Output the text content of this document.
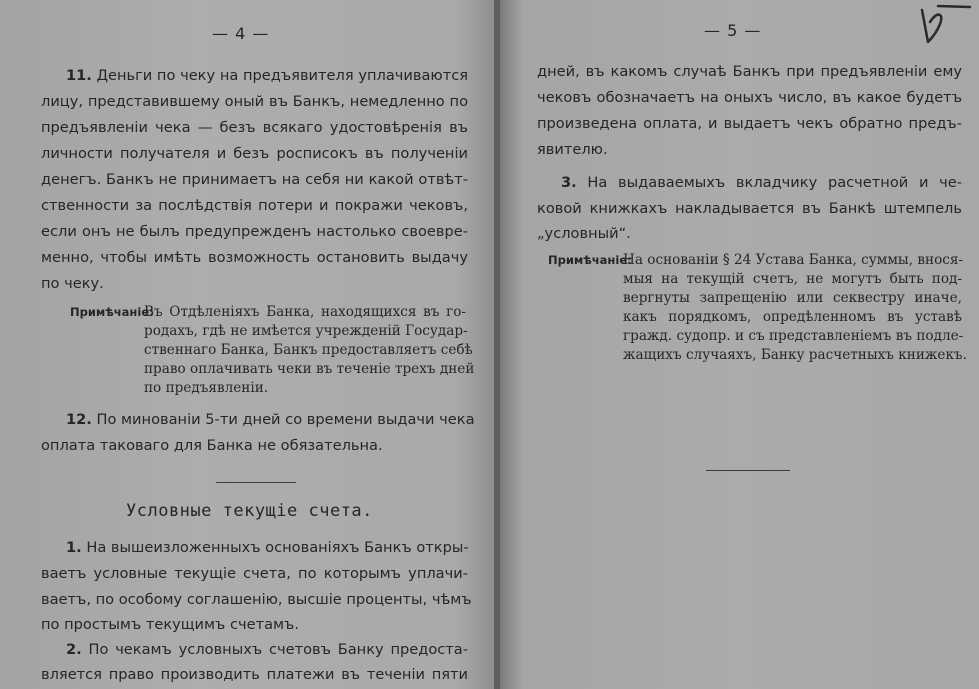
— 4 —
11. Деньги по чеку на предъявителя уплачиваются
лицу, представившему оный въ Банкъ, немедленно по
предъявленіи чека — безъ всякаго удостовѣренія въ
личности получателя и безъ росписокъ въ полученіи
денегъ. Банкъ не принимаетъ на себя ни какой отвѣт-
ственности за послѣдствія потери и покражи чековъ,
если онъ не былъ предупрежденъ настолько своевре-
менно, чтобы имѣть возможность остановить выдачу
по чеку.
Примѣчаніе:
Въ Отдѣленіяхъ Банка, находящихся въ го-
родахъ, гдѣ не имѣется учрежденій Государ-
ственнаго Банка, Банкъ предоставляетъ себѣ
право оплачивать чеки въ теченіе трехъ дней
по предъявленіи.
12. По минованіи 5-ти дней со времени выдачи чека
оплата таковаго для Банка не обязательна.
Условные текущіе счета.
1. На вышеизложенныхъ основаніяхъ Банкъ откры-
ваетъ условные текущіе счета, по которымъ уплачи-
ваетъ, по особому соглашенію, высшіе проценты, чѣмъ
по простымъ текущимъ счетамъ.
2. По чекамъ условныхъ счетовъ Банку предоста-
вляется право производить платежи въ теченіи пяти
— 5 —
дней, въ какомъ случаѣ Банкъ при предъявленіи ему
чековъ обозначаетъ на оныхъ число, въ какое будетъ
произведена оплата, и выдаетъ чекъ обратно предъ-
явителю.
3. На выдаваемыхъ вкладчику расчетной и че-
ковой книжкахъ накладывается въ Банкѣ штемпель
„условный“.
Примѣчаніе:
На основаніи § 24 Устава Банка, суммы, внося-
мыя на текущій счетъ, не могутъ быть под-
вергнуты запрещенію или секвестру иначе,
какъ порядкомъ, опредѣленномъ въ уставѣ
гражд. судопр. и съ представленіемъ въ подле-
жащихъ случаяхъ, Банку расчетныхъ книжекъ.
